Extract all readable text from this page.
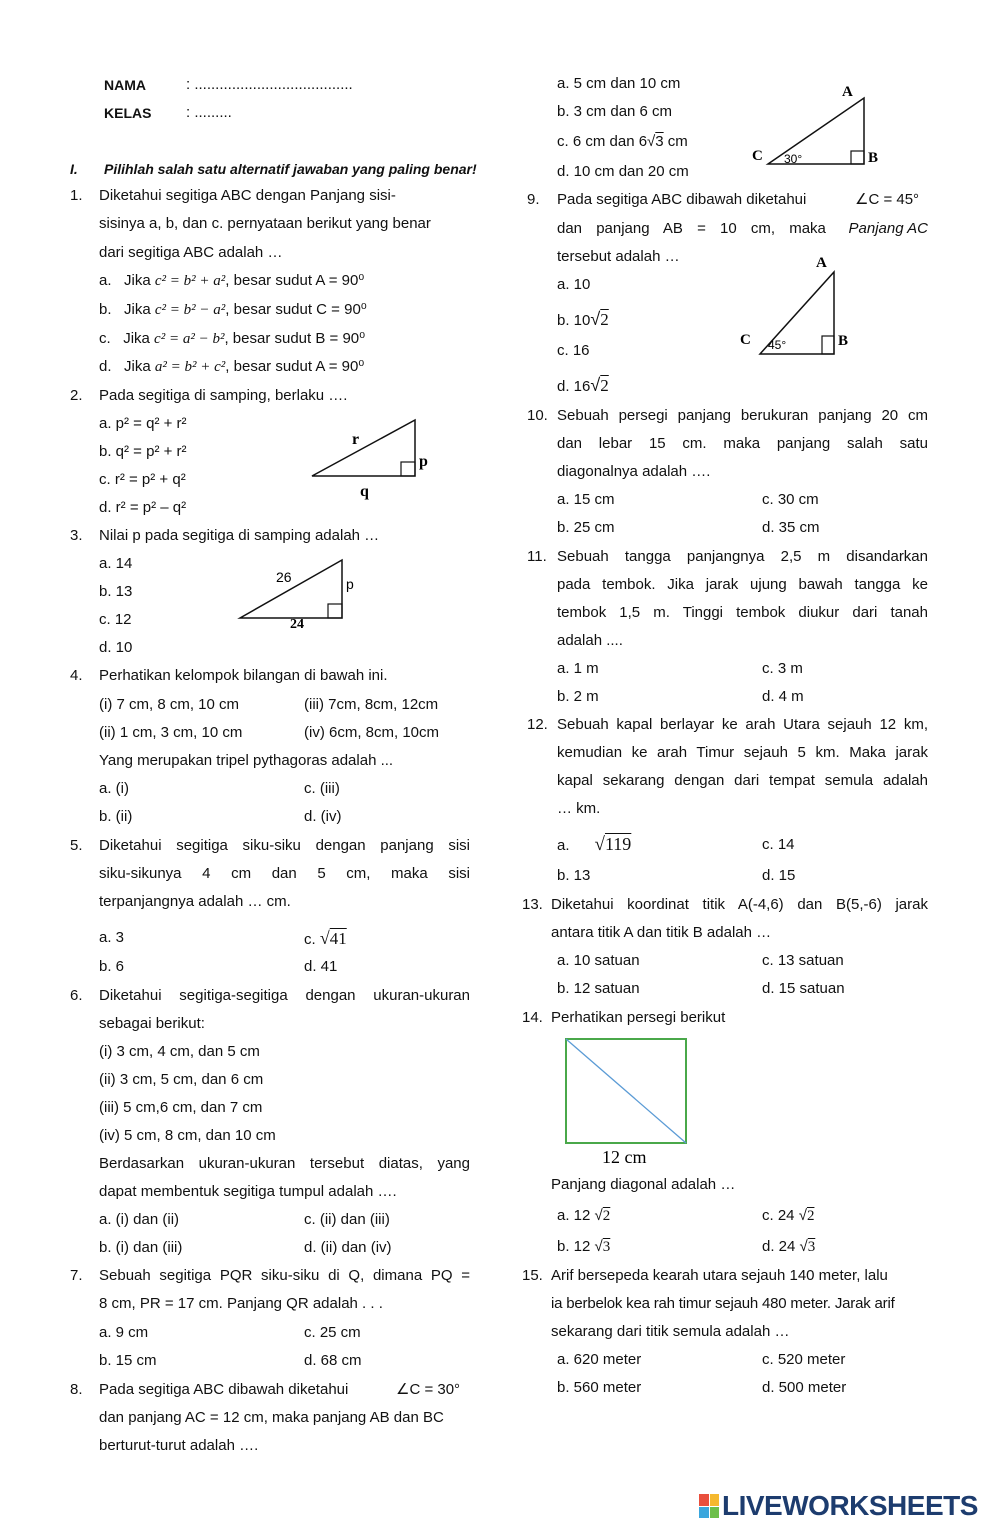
NAMA	: ......................................
KELAS : .........
I. Pilihlah salah satu alternatif jawaban yang paling benar!
1. Diketahui segitiga ABC dengan Panjang sisi-
sisinya a, b, dan c. pernyataan berikut yang benar
dari segitiga ABC adalah …
a. Jika c² = b² + a², besar sudut A = 90⁰
b. Jika c² = b² − a², besar sudut C = 90⁰
c. Jika c² = a² − b², besar sudut B = 90⁰
d. Jika a² = b² + c², besar sudut A = 90⁰
2. Pada segitiga di samping, berlaku ….
a. p² = q² + r²
b. q² = p² + r²
c. r² = p² + q²
d. r² = p² – q²
r
p
q
3. Nilai p pada segitiga di samping adalah …
a. 14
b. 13
c. 12
d. 10
26	p
24
4. Perhatikan kelompok bilangan di bawah ini.
(i) 7 cm, 8 cm, 10 cm	(iii) 7cm, 8cm, 12cm
(ii) 1 cm, 3 cm, 10 cm	(iv) 6cm, 8cm, 10cm
Yang merupakan tripel pythagoras adalah ...
a. (i)	c. (iii)
b. (ii)	d. (iv)
5. Diketahui segitiga siku-siku dengan panjang sisi
siku-sikunya 4 cm dan 5 cm, maka sisi
terpanjangnya adalah … cm.
a. 3	c. √41
b. 6	d. 41
6. Diketahui segitiga-segitiga dengan ukuran-ukuran
sebagai berikut:
(i) 3 cm, 4 cm, dan 5 cm
(ii) 3 cm, 5 cm, dan 6 cm
(iii) 5 cm,6 cm, dan 7 cm
(iv) 5 cm, 8 cm, dan 10 cm
Berdasarkan ukuran-ukuran tersebut diatas, yang
dapat membentuk segitiga tumpul adalah ….
a. (i) dan (ii)	c. (ii) dan (iii)
b. (i) dan (iii)	d. (ii) dan (iv)
7. Sebuah segitiga PQR siku-siku di Q, dimana PQ =
8 cm, PR = 17 cm. Panjang QR adalah . . .
a. 9 cm	c. 25 cm
b. 15 cm	d. 68 cm
8. Pada segitiga ABC dibawah diketahui	∠C = 30°
dan panjang AC = 12 cm, maka panjang AB dan BC
berturut-turut adalah ….
a. 5 cm dan 10 cm
b. 3 cm dan 6 cm
c. 6 cm dan 6√3 cm
d. 10 cm dan 20 cm
A
B
C 30°
9. Pada segitiga ABC dibawah diketahui	∠C = 45°
dan panjang AB = 10 cm, maka Panjang AC
tersebut adalah …
a. 10
b. 10√2
c. 16
d. 16√2
A
B
C 45°
10. Sebuah persegi panjang berukuran panjang 20 cm
dan lebar 15 cm. maka panjang salah satu
diagonalnya adalah ….
a. 15 cm	c. 30 cm
b. 25 cm	d. 35 cm
11. Sebuah tangga panjangnya 2,5 m disandarkan
pada tembok. Jika jarak ujung bawah tangga ke
tembok 1,5 m. Tinggi tembok diukur dari tanah
adalah ....
a. 1 m	c. 3 m
b. 2 m	d. 4 m
12. Sebuah kapal berlayar ke arah Utara sejauh 12 km,
kemudian ke arah Timur sejauh 5 km. Maka jarak
kapal sekarang dengan dari tempat semula adalah
… km.
a. √119	c. 14
b. 13	d. 15
13. Diketahui koordinat titik A(-4,6) dan B(5,-6) jarak
antara titik A dan titik B adalah …
a. 10 satuan	c. 13 satuan
b. 12 satuan	d. 15 satuan
14. Perhatikan persegi berikut
12 cm
Panjang diagonal adalah …
a. 12 √2	c. 24 √2
b. 12 √3	d. 24 √3
15. Arif bersepeda kearah utara sejauh 140 meter, lalu
ia berbelok kea rah timur sejauh 480 meter. Jarak arif
sekarang dari titik semula adalah …
a. 620 meter	c. 520 meter
b. 560 meter	d. 500 meter
LIVEWORKSHEETS
